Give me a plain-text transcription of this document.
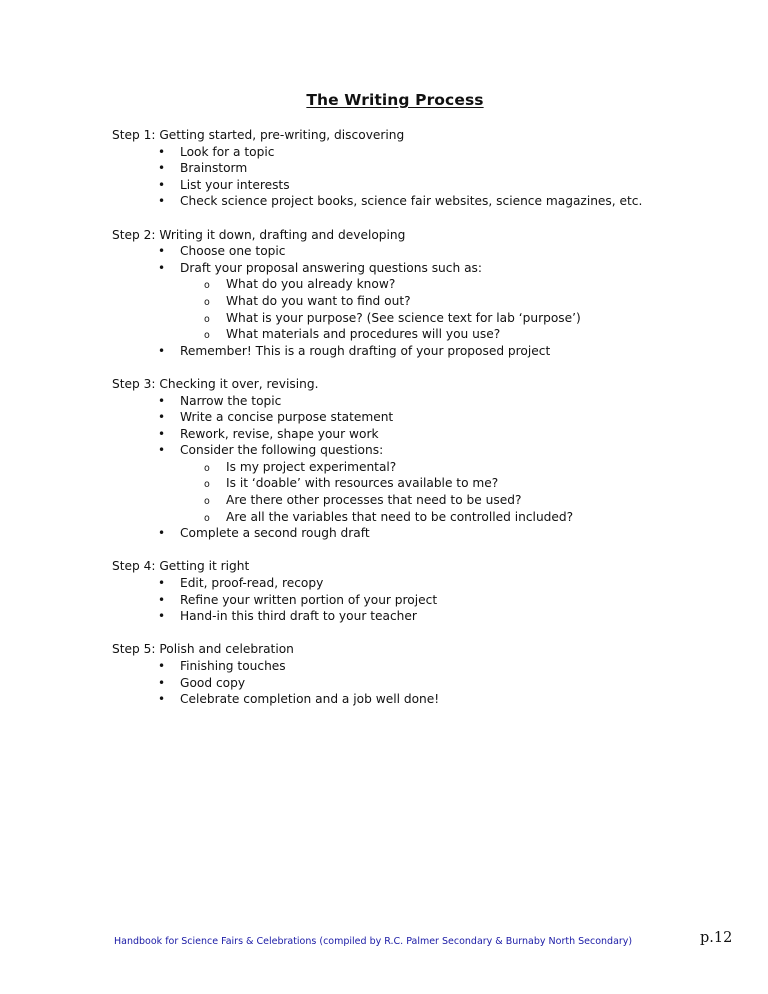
The Writing Process
Step 1: Getting started, pre-writing, discovering
• Look for a topic
• Brainstorm
• List your interests
• Check science project books, science fair websites, science magazines, etc.
Step 2: Writing it down, drafting and developing
• Choose one topic
• Draft your proposal answering questions such as:
o What do you already know?
o What do you want to find out?
o What is your purpose? (See science text for lab ‘purpose’)
o What materials and procedures will you use?
• Remember! This is a rough drafting of your proposed project
Step 3: Checking it over, revising.
• Narrow the topic
• Write a concise purpose statement
• Rework, revise, shape your work
• Consider the following questions:
o Is my project experimental?
o Is it ‘doable’ with resources available to me?
o Are there other processes that need to be used?
o Are all the variables that need to be controlled included?
• Complete a second rough draft
Step 4: Getting it right
• Edit, proof-read, recopy
• Refine your written portion of your project
• Hand-in this third draft to your teacher
Step 5: Polish and celebration
• Finishing touches
• Good copy
• Celebrate completion and a job well done!
Handbook for Science Fairs & Celebrations (compiled by R.C. Palmer Secondary & Burnaby North Secondary)	p.12
